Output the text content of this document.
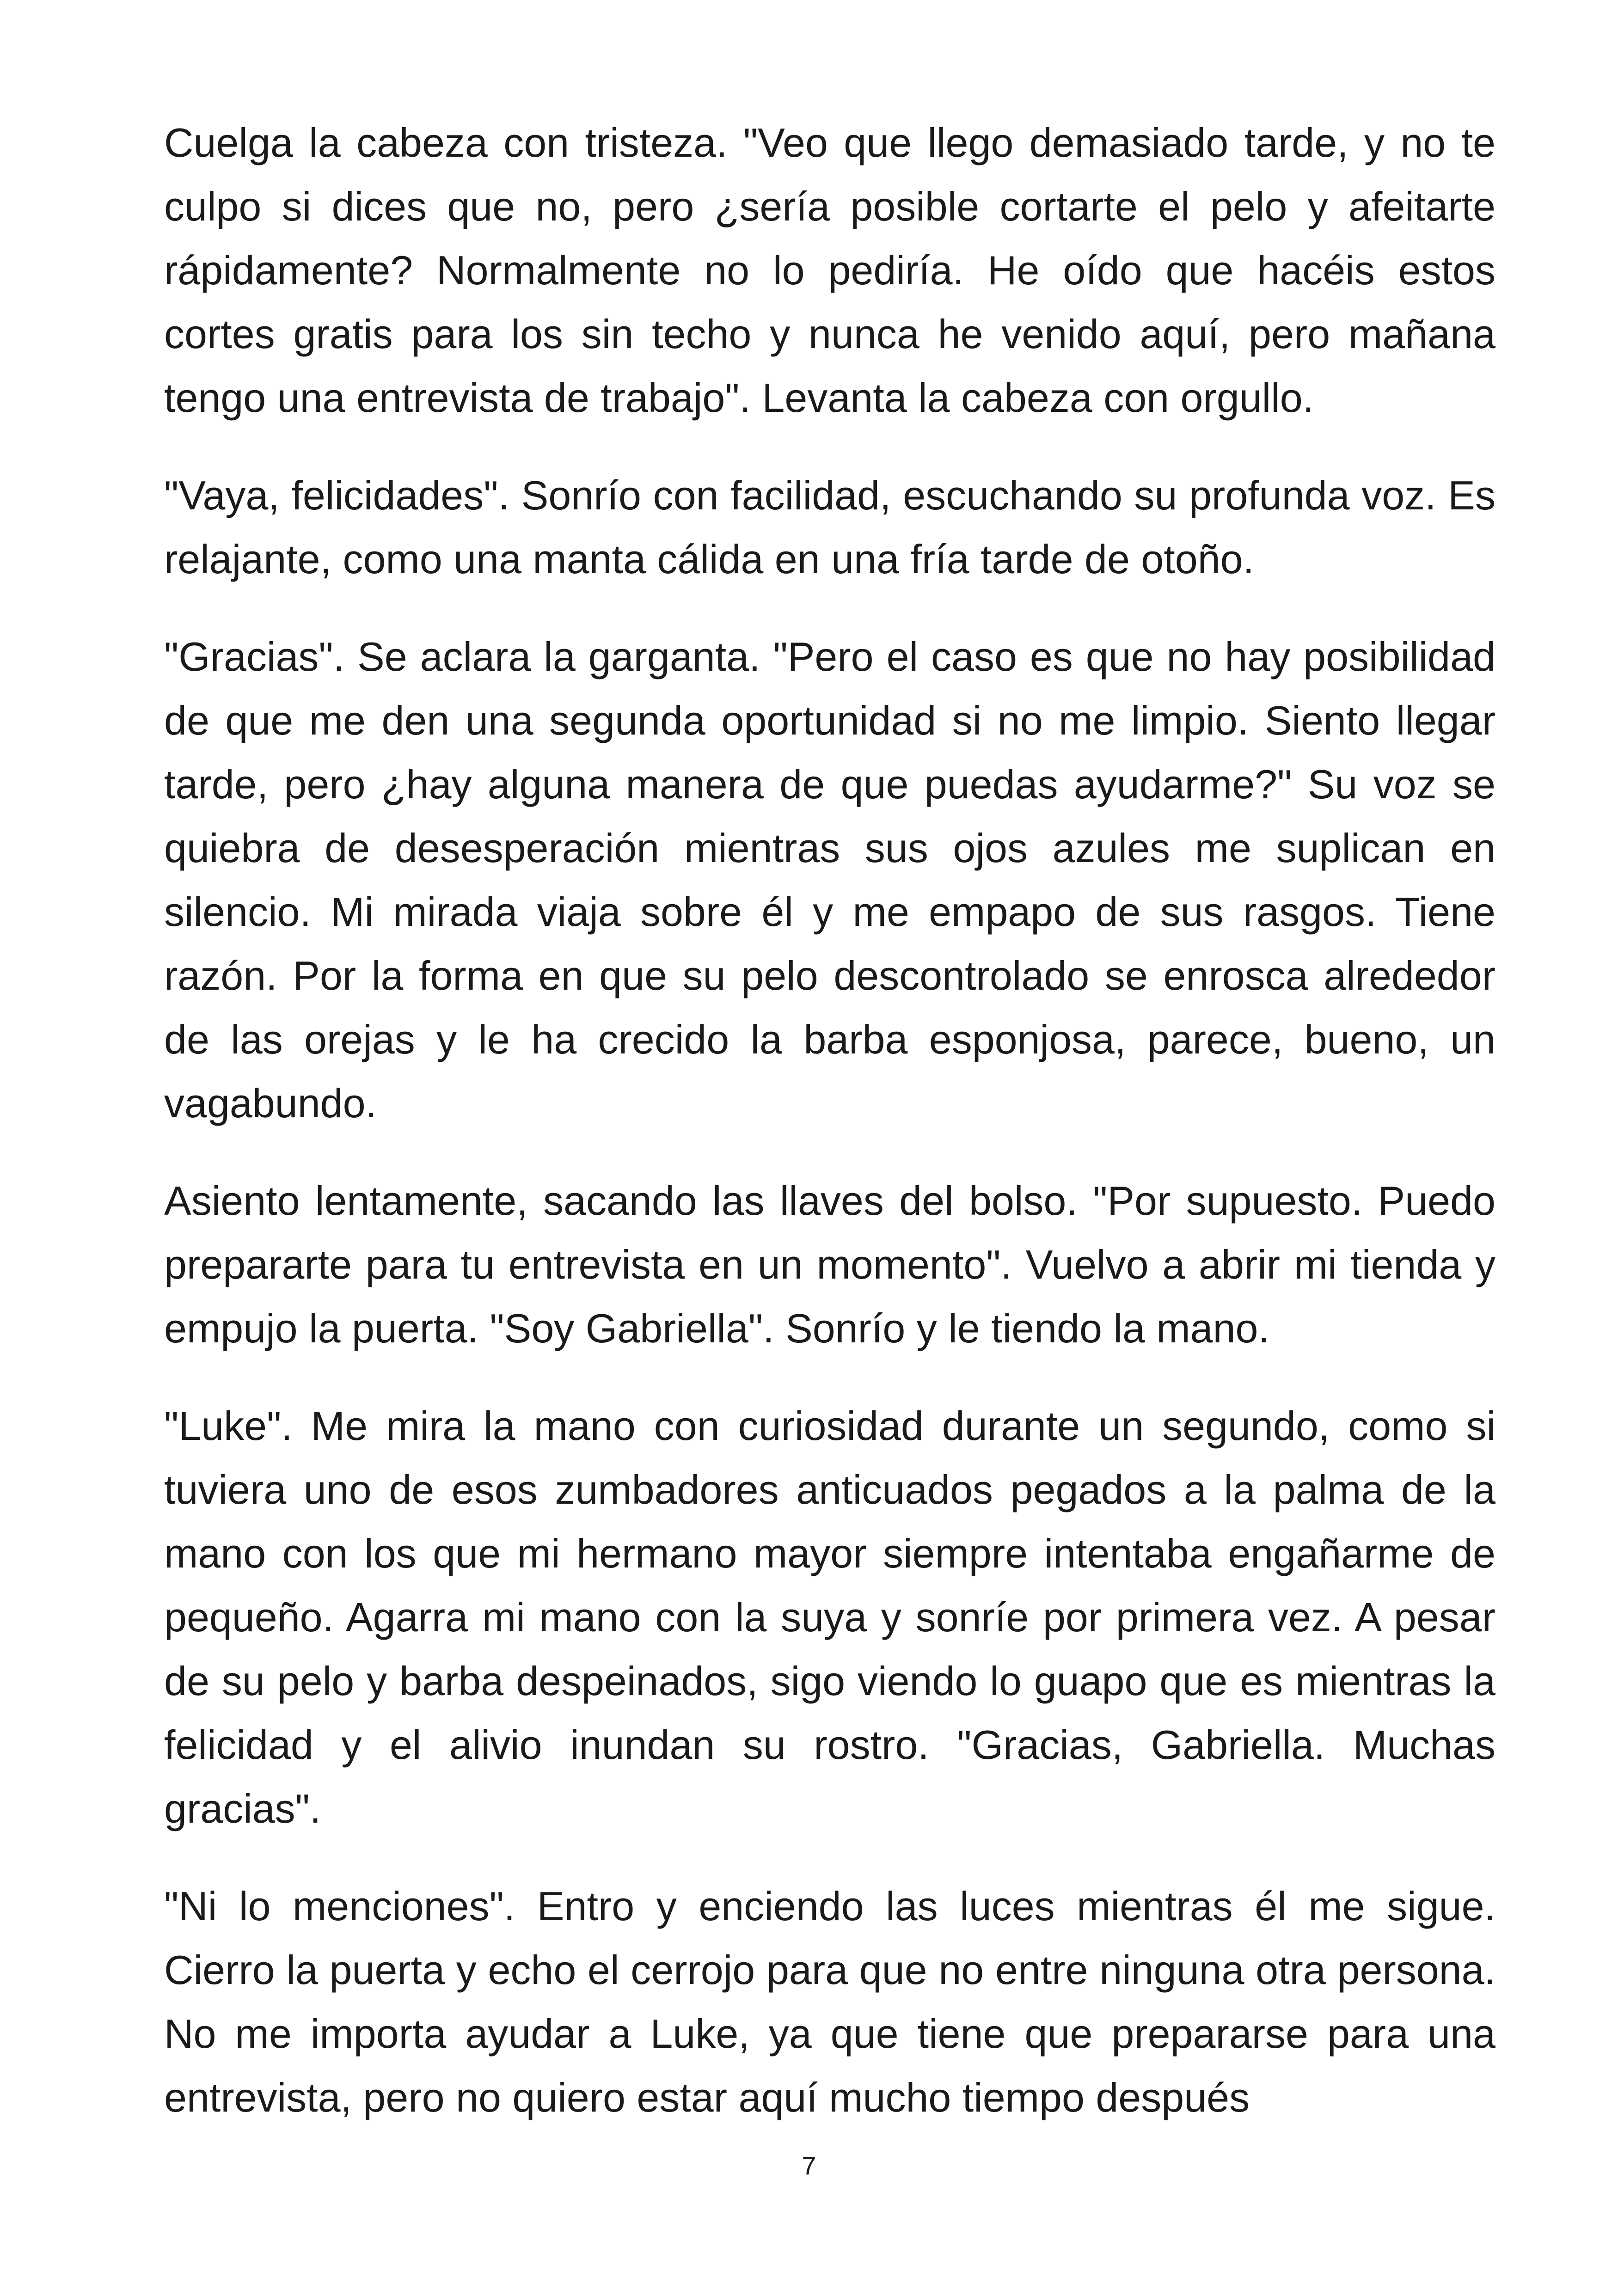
Cuelga la cabeza con tristeza. "Veo que llego demasiado tarde, y no te culpo si dices que no, pero ¿sería posible cortarte el pelo y afeitarte rápidamente? Normalmente no lo pediría. He oído que hacéis estos cortes gratis para los sin techo y nunca he venido aquí, pero mañana tengo una entrevista de trabajo". Levanta la cabeza con orgullo.

"Vaya, felicidades". Sonrío con facilidad, escuchando su profunda voz. Es relajante, como una manta cálida en una fría tarde de otoño.

"Gracias". Se aclara la garganta. "Pero el caso es que no hay posibilidad de que me den una segunda oportunidad si no me limpio. Siento llegar tarde, pero ¿hay alguna manera de que puedas ayudarme?" Su voz se quiebra de desesperación mientras sus ojos azules me suplican en silencio. Mi mirada viaja sobre él y me empapo de sus rasgos. Tiene razón. Por la forma en que su pelo descontrolado se enrosca alrededor de las orejas y le ha crecido la barba esponjosa, parece, bueno, un vagabundo.

Asiento lentamente, sacando las llaves del bolso. "Por supuesto. Puedo prepararte para tu entrevista en un momento". Vuelvo a abrir mi tienda y empujo la puerta. "Soy Gabriella". Sonrío y le tiendo la mano.

"Luke". Me mira la mano con curiosidad durante un segundo, como si tuviera uno de esos zumbadores anticuados pegados a la palma de la mano con los que mi hermano mayor siempre intentaba engañarme de pequeño. Agarra mi mano con la suya y sonríe por primera vez. A pesar de su pelo y barba despeinados, sigo viendo lo guapo que es mientras la felicidad y el alivio inundan su rostro. "Gracias, Gabriella. Muchas gracias".

"Ni lo menciones". Entro y enciendo las luces mientras él me sigue. Cierro la puerta y echo el cerrojo para que no entre ninguna otra persona. No me importa ayudar a Luke, ya que tiene que prepararse para una entrevista, pero no quiero estar aquí mucho tiempo después

7
